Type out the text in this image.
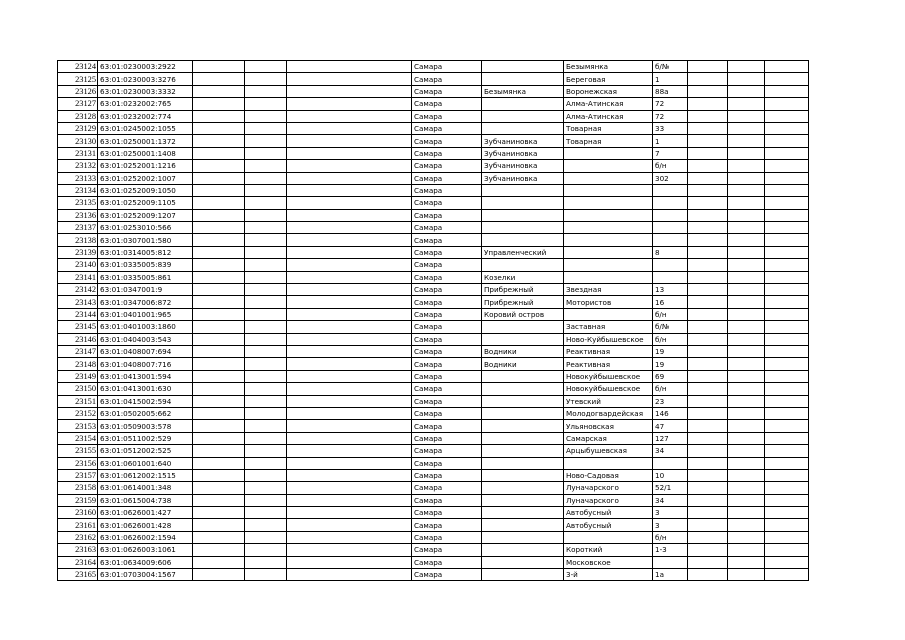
23124	63:01:0230003:2922				Самара		Безымянка	б/№			
23125	63:01:0230003:3276				Самара		Береговая	1			
23126	63:01:0230003:3332				Самара	Безымянка	Воронежская	88а			
23127	63:01:0232002:765				Самара		Алма-Атинская	72			
23128	63:01:0232002:774				Самара		Алма-Атинская	72			
23129	63:01:0245002:1055				Самара		Товарная	33			
23130	63:01:0250001:1372				Самара	Зубчаниновка	Товарная	1			
23131	63:01:0250001:1408				Самара	Зубчаниновка		7			
23132	63:01:0252001:1216				Самара	Зубчаниновка		б/н			
23133	63:01:0252002:1007				Самара	Зубчаниновка		302			
23134	63:01:0252009:1050				Самара						
23135	63:01:0252009:1105				Самара						
23136	63:01:0252009:1207				Самара						
23137	63:01:0253010:566				Самара						
23138	63:01:0307001:580				Самара						
23139	63:01:0314005:812				Самара	Управленческий		8			
23140	63:01:0335005:839				Самара						
23141	63:01:0335005:861				Самара	Козелки					
23142	63:01:0347001:9				Самара	Прибрежный	Звездная	13			
23143	63:01:0347006:872				Самара	Прибрежный	Мотористов	16			
23144	63:01:0401001:965				Самара	Коровий остров		б/н			
23145	63:01:0401003:1860				Самара		Заставная	б/№			
23146	63:01:0404003:543				Самара		Ново-Куйбышевское	б/н			
23147	63:01:0408007:694				Самара	Водники	Реактивная	19			
23148	63:01:0408007:716				Самара	Водники	Реактивная	19			
23149	63:01:0413001:594				Самара		Новокуйбышевское	69			
23150	63:01:0413001:630				Самара		Новокуйбышевское	б/н			
23151	63:01:0415002:594				Самара		Утевский	23			
23152	63:01:0502005:662				Самара		Молодогвардейская	146			
23153	63:01:0509003:578				Самара		Ульяновская	47			
23154	63:01:0511002:529				Самара		Самарская	127			
23155	63:01:0512002:525				Самара		Арцыбушевская	34			
23156	63:01:0601001:640				Самара						
23157	63:01:0612002:1515				Самара		Ново-Садовая	10			
23158	63:01:0614001:348				Самара		Луначарского	52/1			
23159	63:01:0615004:738				Самара		Луначарского	34			
23160	63:01:0626001:427				Самара		Автобусный	3			
23161	63:01:0626001:428				Самара		Автобусный	3			
23162	63:01:0626002:1594				Самара			б/н			
23163	63:01:0626003:1061				Самара		Короткий	1-3			
23164	63:01:0634009:606				Самара		Московское				
23165	63:01:0703004:1567				Самара		3-й	1а			
